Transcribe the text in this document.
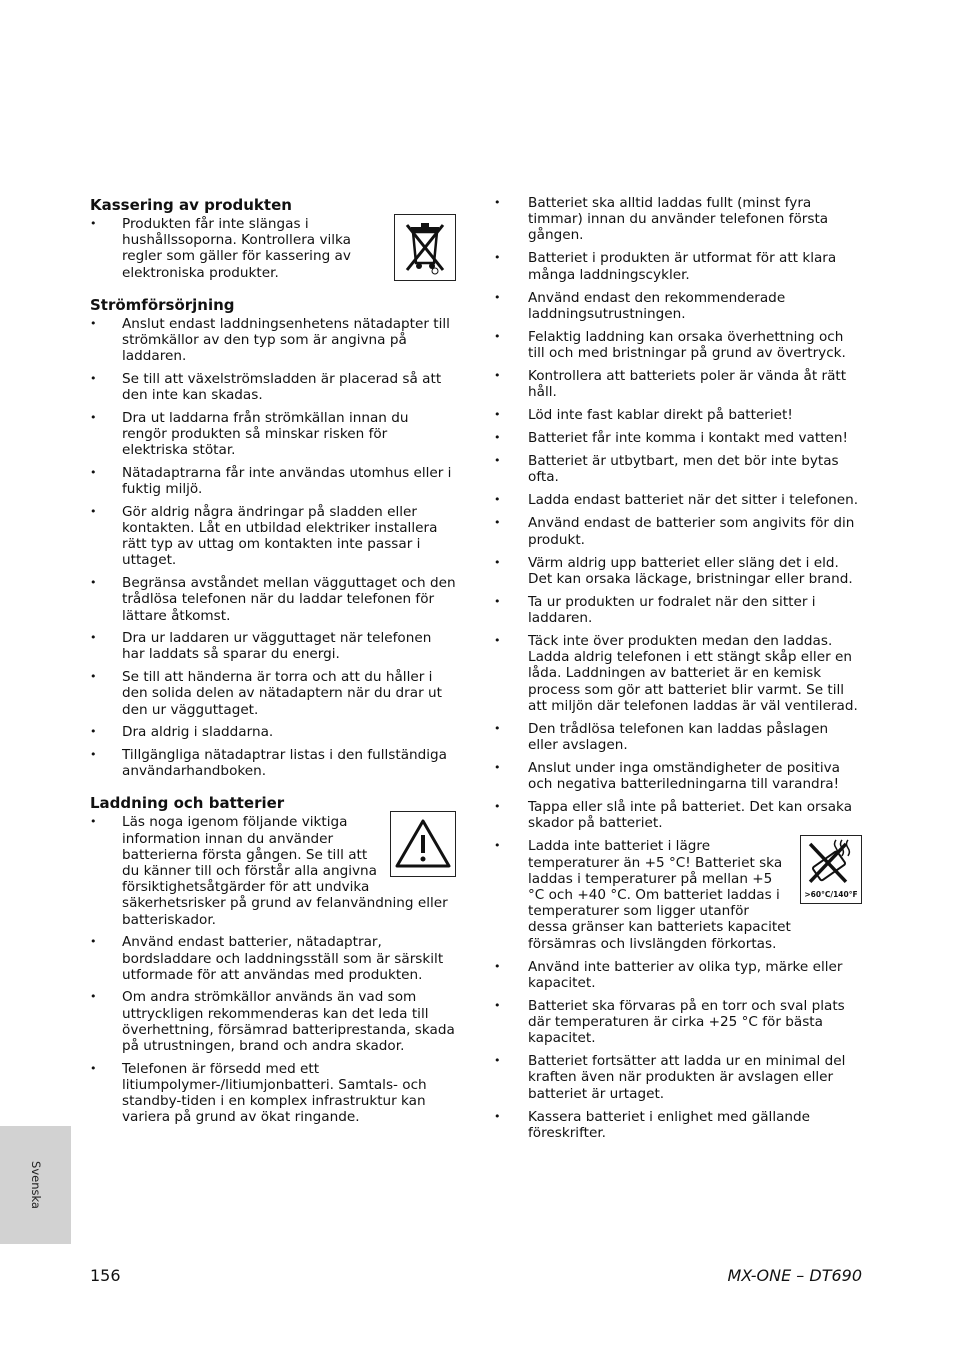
Kassering av produkten
• Produkten får inte slängas i hushållssoporna. Kontrollera vilka regler som gäller för kassering av elektroniska produkter.
Strömförsörjning
• Anslut endast laddningsenhetens nätadapter till strömkällor av den typ som är angivna på laddaren.
• Se till att växelströmsladden är placerad så att den inte kan skadas.
• Dra ut laddarna från strömkällan innan du rengör produkten så minskar risken för elektriska stötar.
• Nätadaptrarna får inte användas utomhus eller i fuktig miljö.
• Gör aldrig några ändringar på sladden eller kontakten. Låt en utbildad elektriker installera rätt typ av uttag om kontakten inte passar i uttaget.
• Begränsa avståndet mellan vägguttaget och den trådlösa telefonen när du laddar telefonen för lättare åtkomst.
• Dra ur laddaren ur vägguttaget när telefonen har laddats så sparar du energi.
• Se till att händerna är torra och att du håller i den solida delen av nätadaptern när du drar ut den ur vägguttaget.
• Dra aldrig i sladdarna.
• Tillgängliga nätadaptrar listas i den fullständiga användarhandboken.
Laddning och batterier
• Läs noga igenom följande viktiga information innan du använder batterierna första gången. Se till att du känner till och förstår alla angivna försiktighetsåtgärder för att undvika säkerhetsrisker på grund av felanvändning eller batteriskador.
• Använd endast batterier, nätadaptrar, bordsladdare och laddningsställ som är särskilt utformade för att användas med produkten.
• Om andra strömkällor används än vad som uttryckligen rekommenderas kan det leda till överhettning, försämrad batteriprestanda, skada på utrustningen, brand och andra skador.
• Telefonen är försedd med ett litiumpolymer-/litiumjonbatteri. Samtals- och standby-tiden i en komplex infrastruktur kan variera på grund av ökat ringande.
• Batteriet ska alltid laddas fullt (minst fyra timmar) innan du använder telefonen första gången.
• Batteriet i produkten är utformat för att klara många laddningscykler.
• Använd endast den rekommenderade laddningsutrustningen.
• Felaktig laddning kan orsaka överhettning och till och med bristningar på grund av övertryck.
• Kontrollera att batteriets poler är vända åt rätt håll.
• Löd inte fast kablar direkt på batteriet!
• Batteriet får inte komma i kontakt med vatten!
• Batteriet är utbytbart, men det bör inte bytas ofta.
• Ladda endast batteriet när det sitter i telefonen.
• Använd endast de batterier som angivits för din produkt.
• Värm aldrig upp batteriet eller släng det i eld. Det kan orsaka läckage, bristningar eller brand.
• Ta ur produkten ur fodralet när den sitter i laddaren.
• Täck inte över produkten medan den laddas. Ladda aldrig telefonen i ett stängt skåp eller en låda. Laddningen av batteriet är en kemisk process som gör att batteriet blir varmt. Se till att miljön där telefonen laddas är väl ventilerad.
• Den trådlösa telefonen kan laddas påslagen eller avslagen.
• Anslut under inga omständigheter de positiva och negativa batteriledningarna till varandra!
• Tappa eller slå inte på batteriet. Det kan orsaka skador på batteriet.
• >60°C/140°F
Ladda inte batteriet i lägre temperaturer än +5 °C! Batteriet ska laddas i temperaturer på mellan +5 °C och +40 °C. Om batteriet laddas i temperaturer som ligger utanför dessa gränser kan batteriets kapacitet försämras och livslängden förkortas.
• Använd inte batterier av olika typ, märke eller kapacitet.
• Batteriet ska förvaras på en torr och sval plats där temperaturen är cirka +25 °C för bästa kapacitet.
• Batteriet fortsätter att ladda ur en minimal del kraften även när produkten är avslagen eller batteriet är urtaget.
• Kassera batteriet i enlighet med gällande föreskrifter.
Svenska
156	MX-ONE – DT690
